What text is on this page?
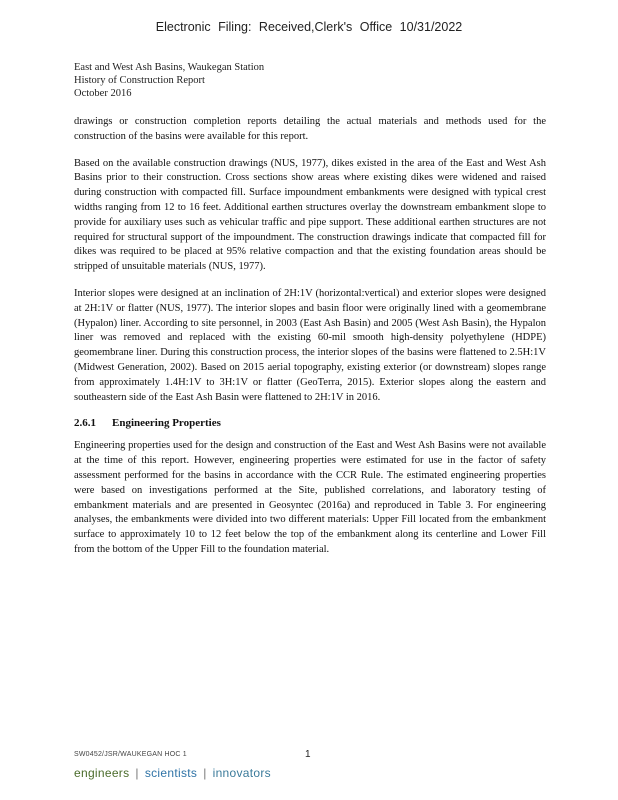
Electronic Filing: Received,Clerk's Office 10/31/2022
East and West Ash Basins, Waukegan Station
History of Construction Report
October 2016

drawings or construction completion reports detailing the actual materials and methods used for the construction of the basins were available for this report.

Based on the available construction drawings (NUS, 1977), dikes existed in the area of the East and West Ash Basins prior to their construction. Cross sections show areas where existing dikes were widened and raised during construction with compacted fill. Surface impoundment embankments were designed with typical crest widths ranging from 12 to 16 feet. Additional earthen structures overlay the downstream embankment slope to provide for auxiliary uses such as vehicular traffic and pipe support. These additional earthen structures are not required for structural support of the impoundment. The construction drawings indicate that compacted fill for dikes was required to be placed at 95% relative compaction and that the existing foundation areas should be stripped of unsuitable materials (NUS, 1977).

Interior slopes were designed at an inclination of 2H:1V (horizontal:vertical) and exterior slopes were designed at 2H:1V or flatter (NUS, 1977). The interior slopes and basin floor were originally lined with a geomembrane (Hypalon) liner. According to site personnel, in 2003 (East Ash Basin) and 2005 (West Ash Basin), the Hypalon liner was removed and replaced with the existing 60-mil smooth high-density polyethylene (HDPE) geomembrane liner. During this construction process, the interior slopes of the basins were flattened to 2.5H:1V (Midwest Generation, 2002). Based on 2015 aerial topography, existing exterior (or downstream) slopes range from approximately 1.4H:1V to 3H:1V or flatter (GeoTerra, 2015). Exterior slopes along the eastern and southeastern side of the East Ash Basin were flattened to 2H:1V in 2016.

2.6.1 Engineering Properties

Engineering properties used for the design and construction of the East and West Ash Basins were not available at the time of this report. However, engineering properties were estimated for use in the factor of safety assessment performed for the basins in accordance with the CCR Rule. The estimated engineering properties were based on investigations performed at the Site, published correlations, and laboratory testing of embankment materials and are presented in Geosyntec (2016a) and reproduced in Table 3. For engineering analyses, the embankments were divided into two different materials: Upper Fill located from the embankment surface to approximately 10 to 12 feet below the top of the embankment along its centerline and Lower Fill from the bottom of the Upper Fill to the foundation material.

SW0452/JSR/WAUKEGAN HOC 1	1
engineers | scientists | innovators
